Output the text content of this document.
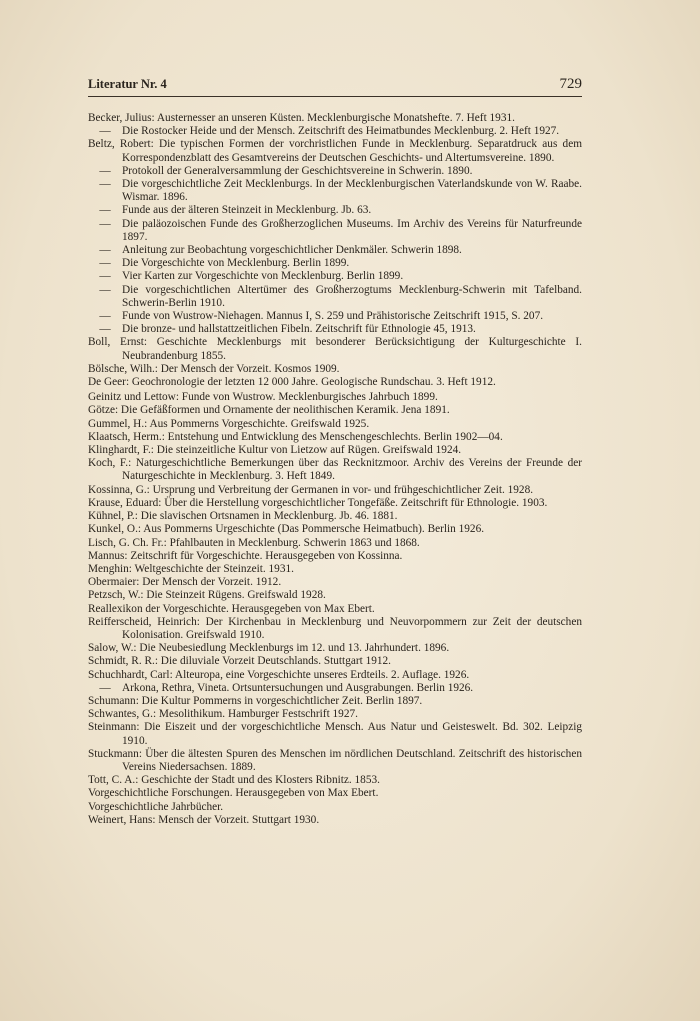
Literatur Nr. 4	729

Becker, Julius: Austernesser an unseren Küsten. Mecklenburgische Monatshefte. 7. Heft 1931.

— Die Rostocker Heide und der Mensch. Zeitschrift des Heimatbundes Mecklenburg. 2. Heft 1927.

Beltz, Robert: Die typischen Formen der vorchristlichen Funde in Mecklenburg. Separatdruck aus dem Korrespondenzblatt des Gesamtvereins der Deutschen Geschichts- und Altertumsvereine. 1890.

— Protokoll der Generalversammlung der Geschichtsvereine in Schwerin. 1890.

— Die vorgeschichtliche Zeit Mecklenburgs. In der Mecklenburgischen Vaterlandskunde von W. Raabe. Wismar. 1896.

— Funde aus der älteren Steinzeit in Mecklenburg. Jb. 63.

— Die paläozoischen Funde des Großherzoglichen Museums. Im Archiv des Vereins für Naturfreunde 1897.

— Anleitung zur Beobachtung vorgeschichtlicher Denkmäler. Schwerin 1898.

— Die Vorgeschichte von Mecklenburg. Berlin 1899.

— Vier Karten zur Vorgeschichte von Mecklenburg. Berlin 1899.

— Die vorgeschichtlichen Altertümer des Großherzogtums Mecklenburg-Schwerin mit Tafelband. Schwerin-Berlin 1910.

— Funde von Wustrow-Niehagen. Mannus I, S. 259 und Prähistorische Zeitschrift 1915, S. 207.

— Die bronze- und hallstattzeitlichen Fibeln. Zeitschrift für Ethnologie 45, 1913.

Boll, Ernst: Geschichte Mecklenburgs mit besonderer Berücksichtigung der Kulturgeschichte I. Neubrandenburg 1855.

Bölsche, Wilh.: Der Mensch der Vorzeit. Kosmos 1909.

De Geer: Geochronologie der letzten 12 000 Jahre. Geologische Rundschau. 3. Heft 1912.

Geinitz und Lettow: Funde von Wustrow. Mecklenburgisches Jahrbuch 1899.

Götze: Die Gefäßformen und Ornamente der neolithischen Keramik. Jena 1891.

Gummel, H.: Aus Pommerns Vorgeschichte. Greifswald 1925.

Klaatsch, Herm.: Entstehung und Entwicklung des Menschengeschlechts. Berlin 1902—04.

Klinghardt, F.: Die steinzeitliche Kultur von Lietzow auf Rügen. Greifswald 1924.

Koch, F.: Naturgeschichtliche Bemerkungen über das Recknitzmoor. Archiv des Vereins der Freunde der Naturgeschichte in Mecklenburg. 3. Heft 1849.

Kossinna, G.: Ursprung und Verbreitung der Germanen in vor- und frühgeschichtlicher Zeit. 1928.

Krause, Eduard: Über die Herstellung vorgeschichtlicher Tongefäße. Zeitschrift für Ethnologie. 1903.

Kühnel, P.: Die slavischen Ortsnamen in Mecklenburg. Jb. 46. 1881.

Kunkel, O.: Aus Pommerns Urgeschichte (Das Pommersche Heimatbuch). Berlin 1926.

Lisch, G. Ch. Fr.: Pfahlbauten in Mecklenburg. Schwerin 1863 und 1868.

Mannus: Zeitschrift für Vorgeschichte. Herausgegeben von Kossinna.

Menghin: Weltgeschichte der Steinzeit. 1931.

Obermaier: Der Mensch der Vorzeit. 1912.

Petzsch, W.: Die Steinzeit Rügens. Greifswald 1928.

Reallexikon der Vorgeschichte. Herausgegeben von Max Ebert.

Reifferscheid, Heinrich: Der Kirchenbau in Mecklenburg und Neuvorpommern zur Zeit der deutschen Kolonisation. Greifswald 1910.

Salow, W.: Die Neubesiedlung Mecklenburgs im 12. und 13. Jahrhundert. 1896.

Schmidt, R. R.: Die diluviale Vorzeit Deutschlands. Stuttgart 1912.

Schuchhardt, Carl: Alteuropa, eine Vorgeschichte unseres Erdteils. 2. Auflage. 1926.

— Arkona, Rethra, Vineta. Ortsuntersuchungen und Ausgrabungen. Berlin 1926.

Schumann: Die Kultur Pommerns in vorgeschichtlicher Zeit. Berlin 1897.

Schwantes, G.: Mesolithikum. Hamburger Festschrift 1927.

Steinmann: Die Eiszeit und der vorgeschichtliche Mensch. Aus Natur und Geisteswelt. Bd. 302. Leipzig 1910.

Stuckmann: Über die ältesten Spuren des Menschen im nördlichen Deutschland. Zeitschrift des historischen Vereins Niedersachsen. 1889.

Tott, C. A.: Geschichte der Stadt und des Klosters Ribnitz. 1853.

Vorgeschichtliche Forschungen. Herausgegeben von Max Ebert.

Vorgeschichtliche Jahrbücher.

Weinert, Hans: Mensch der Vorzeit. Stuttgart 1930.
